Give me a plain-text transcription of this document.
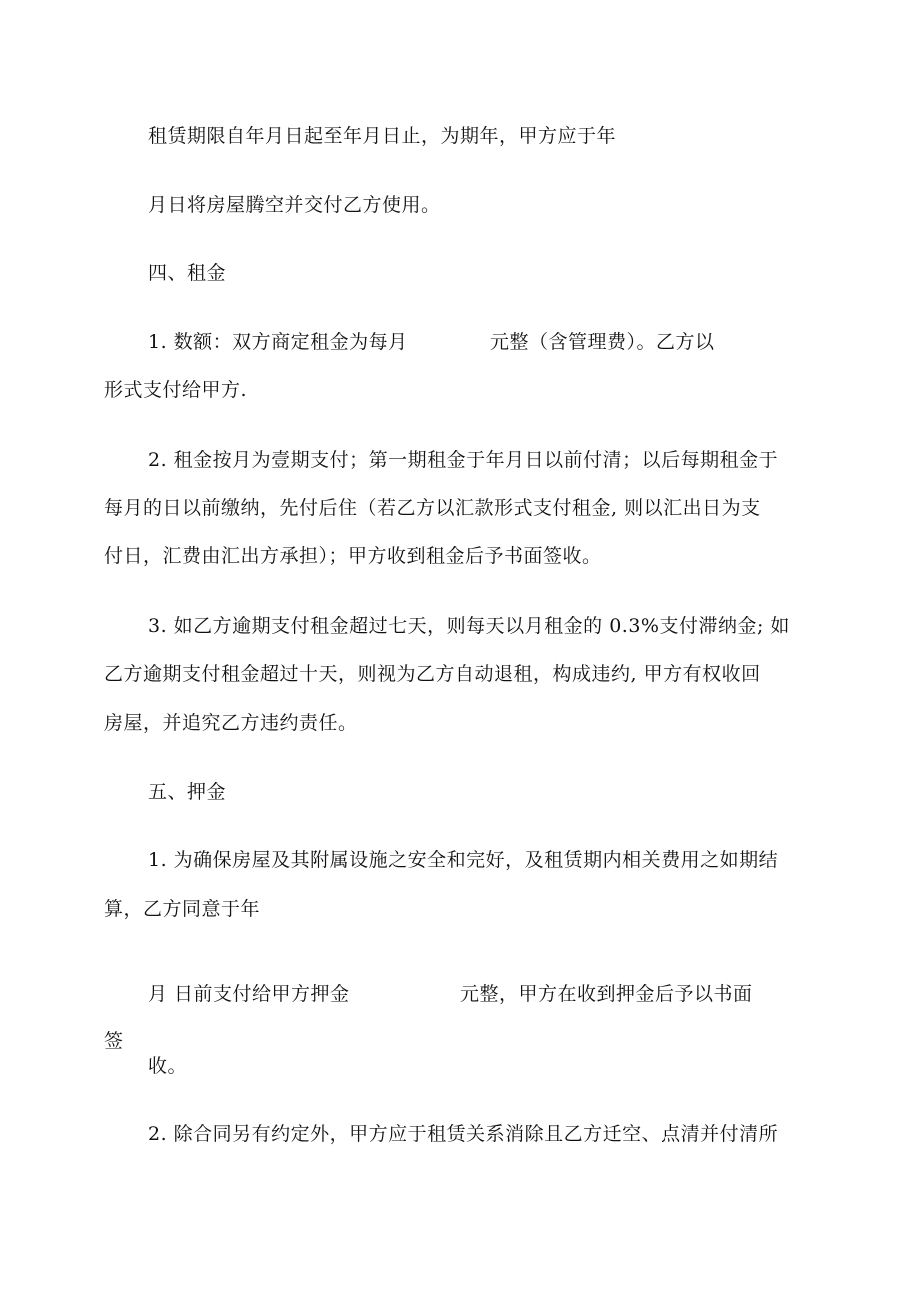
租赁期限自年月日起至年月日止，为期年，甲方应于年
月日将房屋腾空并交付乙方使用。
四、租金
1. 数额：双方商定租金为每月	元整（含管理费）。乙方以
形式支付给甲方.
2. 租金按月为壹期支付；第一期租金于年月日以前付清；以后每期租金于
每月的日以前缴纳，先付后住（若乙方以汇款形式支付租金, 则以汇出日为支
付日，汇费由汇出方承担）；甲方收到租金后予书面签收。
3. 如乙方逾期支付租金超过七天，则每天以月租金的 0.3%支付滞纳金; 如
乙方逾期支付租金超过十天，则视为乙方自动退租，构成违约, 甲方有权收回
房屋，并追究乙方违约责任。
五、押金
1. 为确保房屋及其附属设施之安全和完好，及租赁期内相关费用之如期结
算，乙方同意于年
月 日前支付给甲方押金	元整，甲方在收到押金后予以书面
签
收。
2. 除合同另有约定外，甲方应于租赁关系消除且乙方迁空、点清并付清所
